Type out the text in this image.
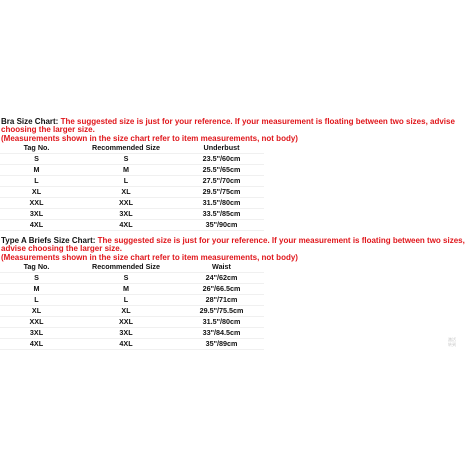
Bra Size Chart: The suggested size is just for your reference. If your measurement is floating between two sizes, advise choosing the larger size.

(Measurements shown in the size chart refer to item measurements, not body)

Tag No.	Recommended Size	Underbust
S	S	23.5"/60cm
M	M	25.5"/65cm
L	L	27.5"/70cm
XL	XL	29.5"/75cm
XXL	XXL	31.5"/80cm
3XL	3XL	33.5"/85cm
4XL	4XL	35"/90cm

Type A Briefs Size Chart: The suggested size is just for your reference. If your measurement is floating between two sizes, advise choosing the larger size.

(Measurements shown in the size chart refer to item measurements, not body)

Tag No.	Recommended Size	Waist
S	S	24"/62cm
M	M	26"/66.5cm
L	L	28"/71cm
XL	XL	29.5"/75.5cm
XXL	XXL	31.5"/80cm
3XL	3XL	33"/84.5cm
4XL	4XL	35"/89cm	激活
转到
